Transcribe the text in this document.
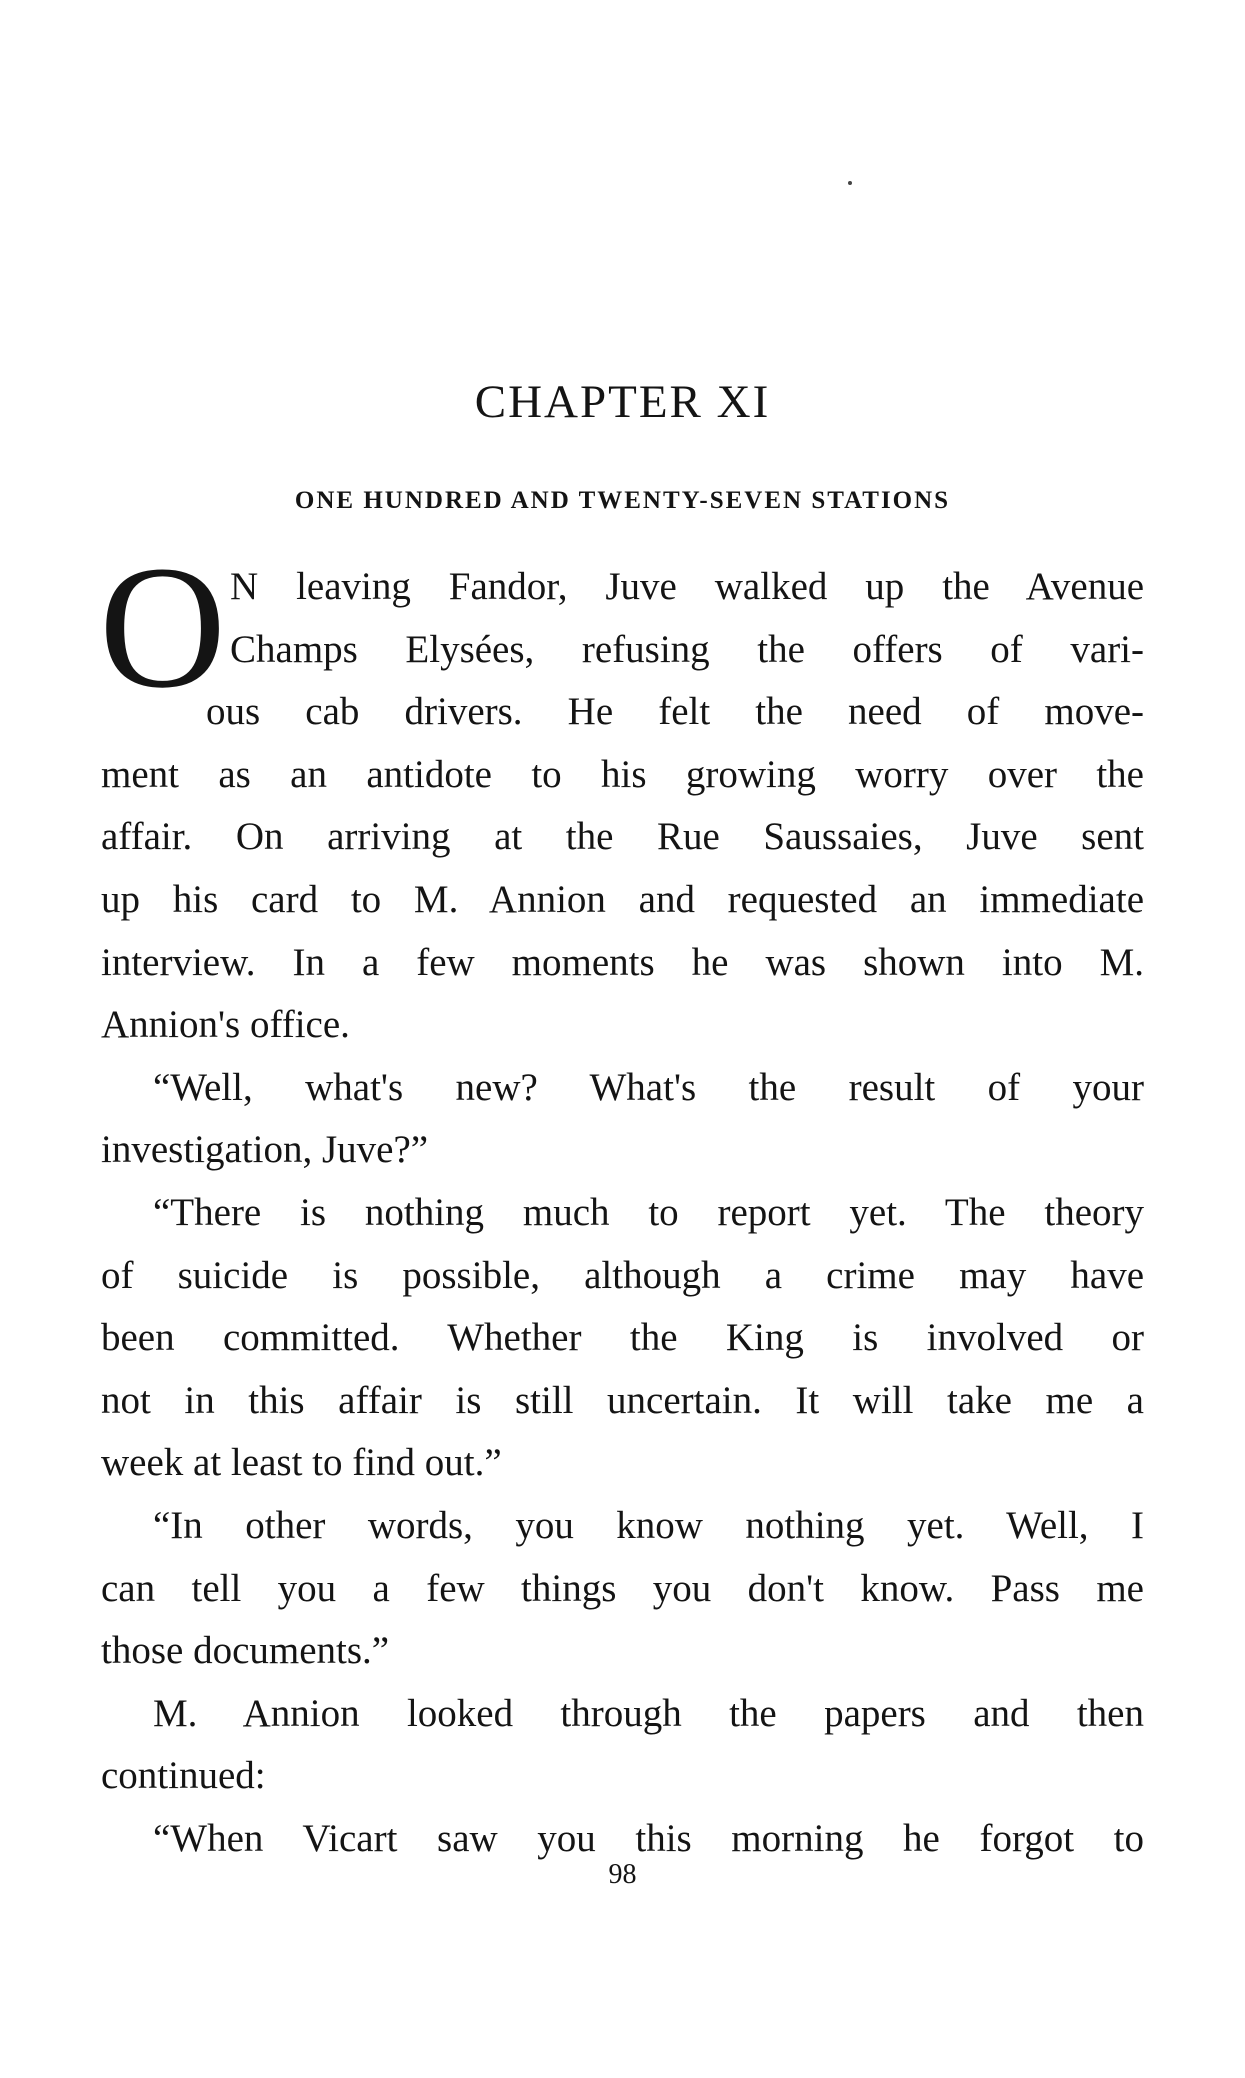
CHAPTER XI
ONE HUNDRED AND TWENTY-SEVEN STATIONS
O N leaving Fandor, Juve walked up the Avenue
Champs Elysées, refusing the offers of vari-
ous cab drivers. He felt the need of move-
ment as an antidote to his growing worry over the
affair. On arriving at the Rue Saussaies, Juve sent
up his card to M. Annion and requested an immediate
interview. In a few moments he was shown into M.
Annion's office.
“Well, what's new? What's the result of your
investigation, Juve?”
“There is nothing much to report yet. The theory
of suicide is possible, although a crime may have
been committed. Whether the King is involved or
not in this affair is still uncertain. It will take me a
week at least to find out.”
“In other words, you know nothing yet. Well, I
can tell you a few things you don't know. Pass me
those documents.”
M. Annion looked through the papers and then
continued:
“When Vicart saw you this morning he forgot to
98
